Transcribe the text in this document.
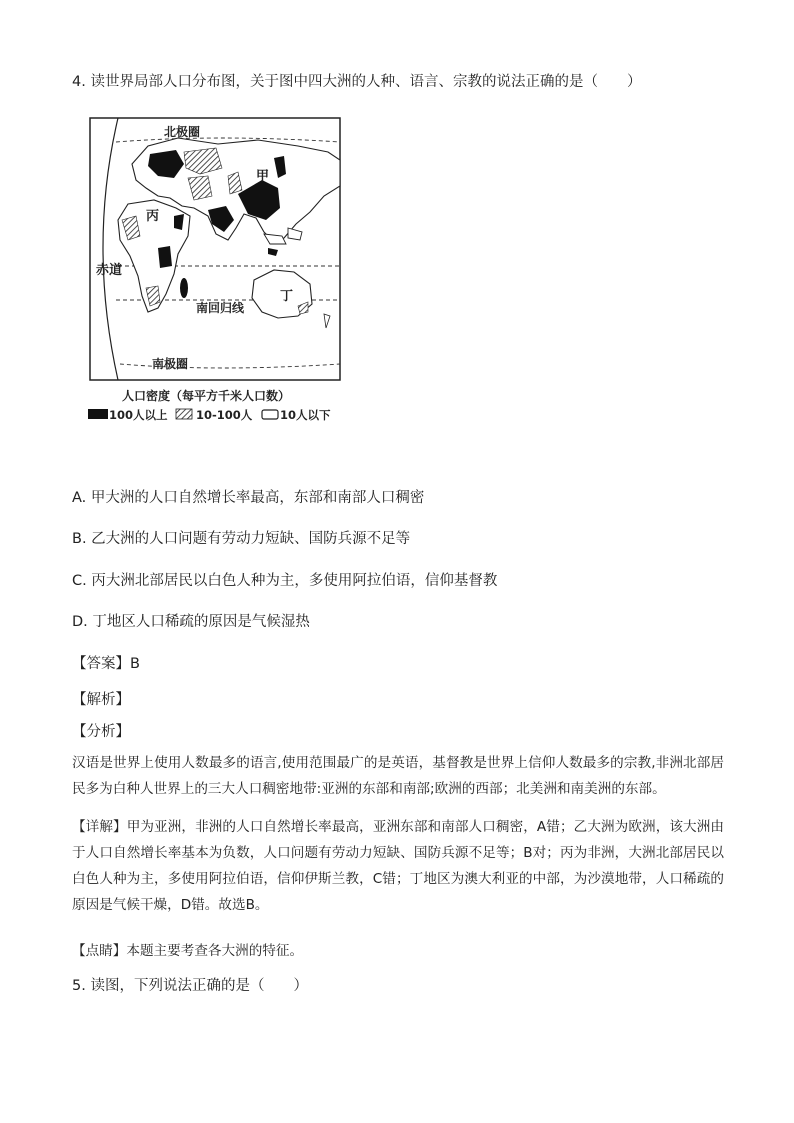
4. 读世界局部人口分布图，关于图中四大洲的人种、语言、宗教的说法正确的是（　　）
北极圈
甲
丙
赤道
丁
南回归线
南极圈
人口密度（每平方千米人口数）
100人以上 10-100人 10人以下
A. 甲大洲的人口自然增长率最高，东部和南部人口稠密
B. 乙大洲的人口问题有劳动力短缺、国防兵源不足等
C. 丙大洲北部居民以白色人种为主，多使用阿拉伯语，信仰基督教
D. 丁地区人口稀疏的原因是气候湿热
【答案】B
【解析】
【分析】
汉语是世界上使用人数最多的语言,使用范围最广的是英语，基督教是世界上信仰人数最多的宗教,非洲北部居民多为白种人世界上的三大人口稠密地带:亚洲的东部和南部;欧洲的西部；北美洲和南美洲的东部。
【详解】甲为亚洲，非洲的人口自然增长率最高，亚洲东部和南部人口稠密，A错；乙大洲为欧洲，该大洲由于人口自然增长率基本为负数，人口问题有劳动力短缺、国防兵源不足等；B对；丙为非洲，大洲北部居民以白色人种为主，多使用阿拉伯语，信仰伊斯兰教，C错；丁地区为澳大利亚的中部，为沙漠地带，人口稀疏的原因是气候干燥，D错。故选B。
【点睛】本题主要考查各大洲的特征。
5. 读图，下列说法正确的是（　　）
